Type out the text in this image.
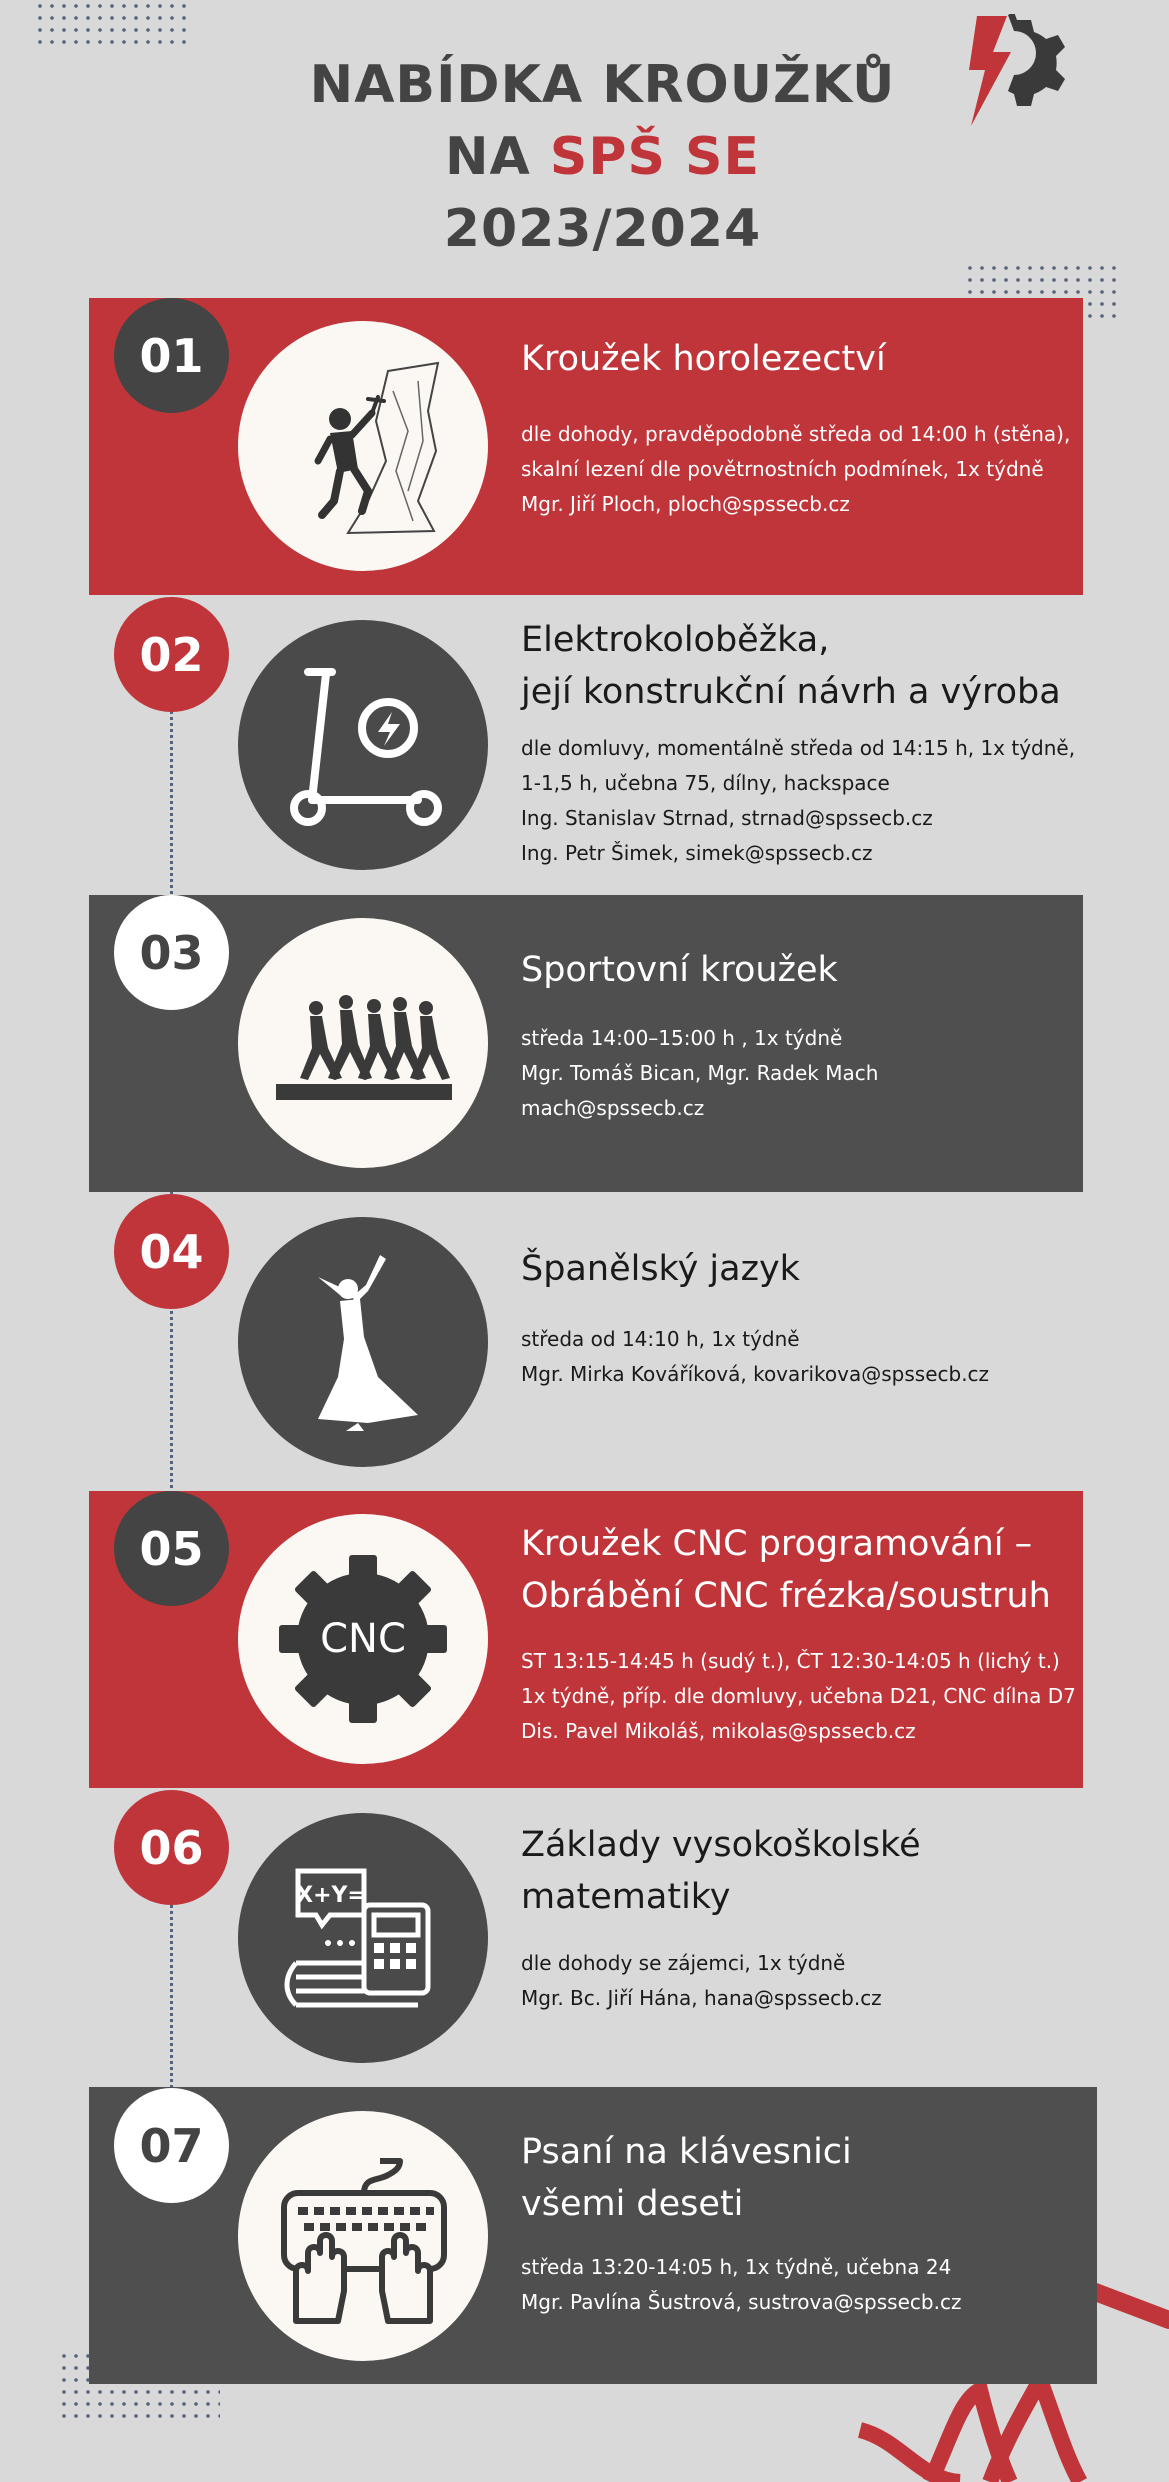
NABÍDKA KROUŽKŮ
NA SPŠ SE
2023/2024
01	Kroužek horolezectví
dle dohody, pravděpodobně středa od 14:00 h (stěna),
skalní lezení dle povětrnostních podmínek, 1x týdně
Mgr. Jiří Ploch, ploch@spssecb.cz
02	Elektrokoloběžka,
její konstrukční návrh a výroba
dle domluvy, momentálně středa od 14:15 h, 1x týdně,
1-1,5 h, učebna 75, dílny, hackspace
Ing. Stanislav Strnad, strnad@spssecb.cz
Ing. Petr Šimek, simek@spssecb.cz
03	Sportovní kroužek
středa 14:00–15:00 h , 1x týdně
Mgr. Tomáš Bican, Mgr. Radek Mach
mach@spssecb.cz
04	Španělský jazyk
středa od 14:10 h, 1x týdně
Mgr. Mirka Kováříková, kovarikova@spssecb.cz
05
CNC
Kroužek CNC programování –
Obrábění CNC frézka/soustruh
ST 13:15-14:45 h (sudý t.), ČT 12:30-14:05 h (lichý t.)
1x týdně, příp. dle domluvy, učebna D21, CNC dílna D7
Dis. Pavel Mikoláš, mikolas@spssecb.cz
06
X+Y=
Základy vysokoškolské
matematiky
dle dohody se zájemci, 1x týdně
Mgr. Bc. Jiří Hána, hana@spssecb.cz
07	Psaní na klávesnici
všemi deseti
středa 13:20-14:05 h, 1x týdně, učebna 24
Mgr. Pavlína Šustrová, sustrova@spssecb.cz
